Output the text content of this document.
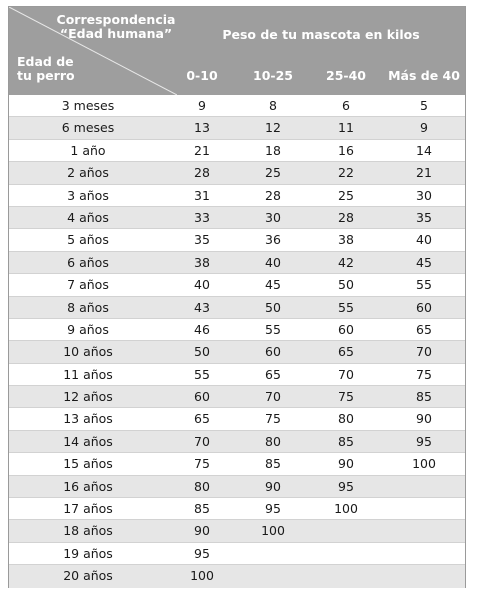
Correspondencia
“Edad humana”
Edad de
tu perro
Peso de tu mascota en kilos
0-10	10-25	25-40	Más de 40
3 meses	9	8	6	5
6 meses	13	12	11	9
1 año	21	18	16	14
2 años	28	25	22	21
3 años	31	28	25	30
4 años	33	30	28	35
5 años	35	36	38	40
6 años	38	40	42	45
7 años	40	45	50	55
8 años	43	50	55	60
9 años	46	55	60	65
10 años	50	60	65	70
11 años	55	65	70	75
12 años	60	70	75	85
13 años	65	75	80	90
14 años	70	80	85	95
15 años	75	85	90	100
16 años	80	90	95
17 años	85	95	100
18 años	90	100
19 años	95
20 años	100
